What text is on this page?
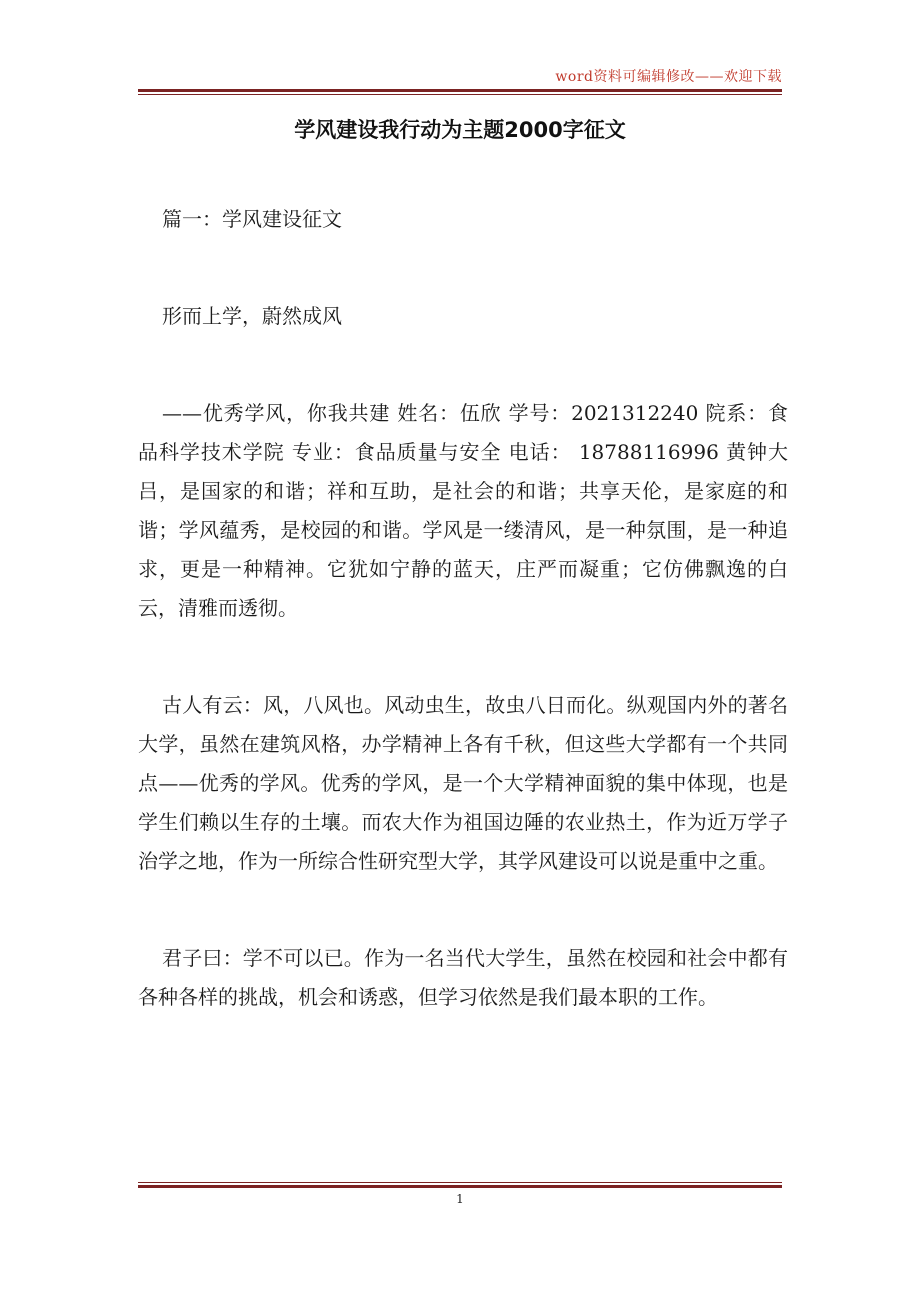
word资料可编辑修改——欢迎下载
学风建设我行动为主题2000字征文

篇一：学风建设征文

形而上学，蔚然成风

——优秀学风，你我共建 姓名：伍欣 学号：2021312240 院系：食品科学技术学院 专业：食品质量与安全 电话： 18788116996 黄钟大吕，是国家的和谐；祥和互助，是社会的和谐；共享天伦，是家庭的和谐；学风蕴秀，是校园的和谐。学风是一缕清风，是一种氛围，是一种追求，更是一种精神。它犹如宁静的蓝天，庄严而凝重；它仿佛飘逸的白云，清雅而透彻。

古人有云：风，八风也。风动虫生，故虫八日而化。纵观国内外的著名大学，虽然在建筑风格，办学精神上各有千秋，但这些大学都有一个共同点——优秀的学风。优秀的学风，是一个大学精神面貌的集中体现，也是学生们赖以生存的土壤。而农大作为祖国边陲的农业热土，作为近万学子治学之地，作为一所综合性研究型大学，其学风建设可以说是重中之重。

君子曰：学不可以已。作为一名当代大学生，虽然在校园和社会中都有各种各样的挑战，机会和诱惑，但学习依然是我们最本职的工作。

1
